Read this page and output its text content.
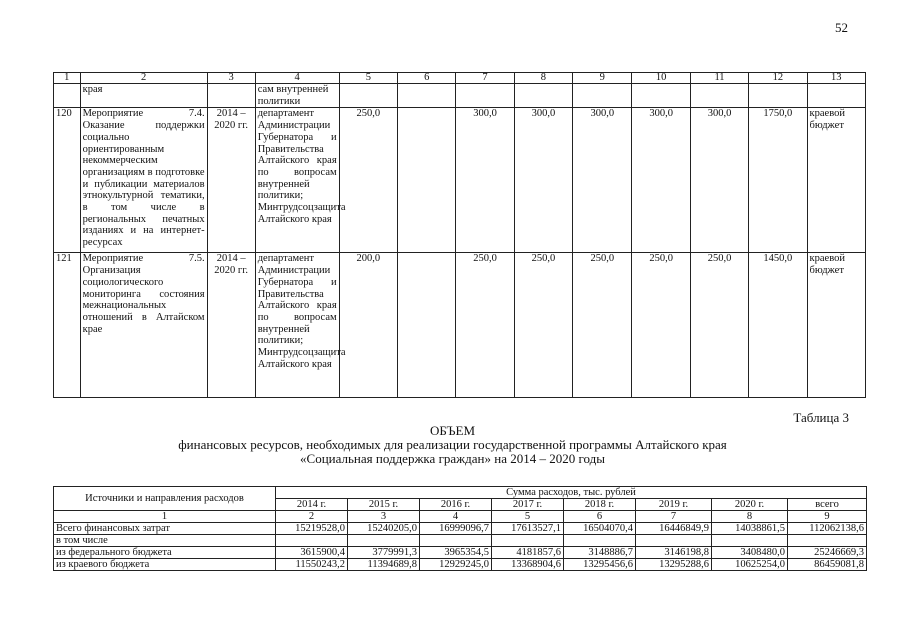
52
1	2	3	4	5	6	7	8	9	10	11	12	13
	края		сам внутренней политики									
120	Мероприятие 7.4. Оказание поддержки социально ориентированным некоммерческим организациям в подготовке и публикации материалов этнокультурной тематики, в том числе в региональных печатных изданиях и на интернет-ресурсах	2014 – 2020 гг.	департамент Администрации Губернатора и Правительства Алтайского края по вопросам внутренней политики; Минтрудсоцзащита Алтайского края	250,0		300,0	300,0	300,0	300,0	300,0	1750,0	краевой бюджет
121	Мероприятие 7.5. Организация социологического мониторинга состояния межнациональных отношений в Алтайском крае	2014 – 2020 гг.	департамент Администрации Губернатора и Правительства Алтайского края по вопросам внутренней политики; Минтрудсоцзащита Алтайского края	200,0		250,0	250,0	250,0	250,0	250,0	1450,0	краевой бюджет
Таблица 3
ОБЪЕМ
финансовых ресурсов, необходимых для реализации государственной программы Алтайского края
«Социальная поддержка граждан» на 2014 – 2020 годы
Источники и направления расходов	Сумма расходов, тыс. рублей							
	2014 г.	2015 г.	2016 г.	2017 г.	2018 г.	2019 г.	2020 г.	всего
1	2	3	4	5	6	7	8	9
Всего финансовых затрат	15219528,0	15240205,0	16999096,7	17613527,1	16504070,4	16446849,9	14038861,5	112062138,6
в том числе								
из федерального бюджета	3615900,4	3779991,3	3965354,5	4181857,6	3148886,7	3146198,8	3408480,0	25246669,3
из краевого бюджета	11550243,2	11394689,8	12929245,0	13368904,6	13295456,6	13295288,6	10625254,0	86459081,8
